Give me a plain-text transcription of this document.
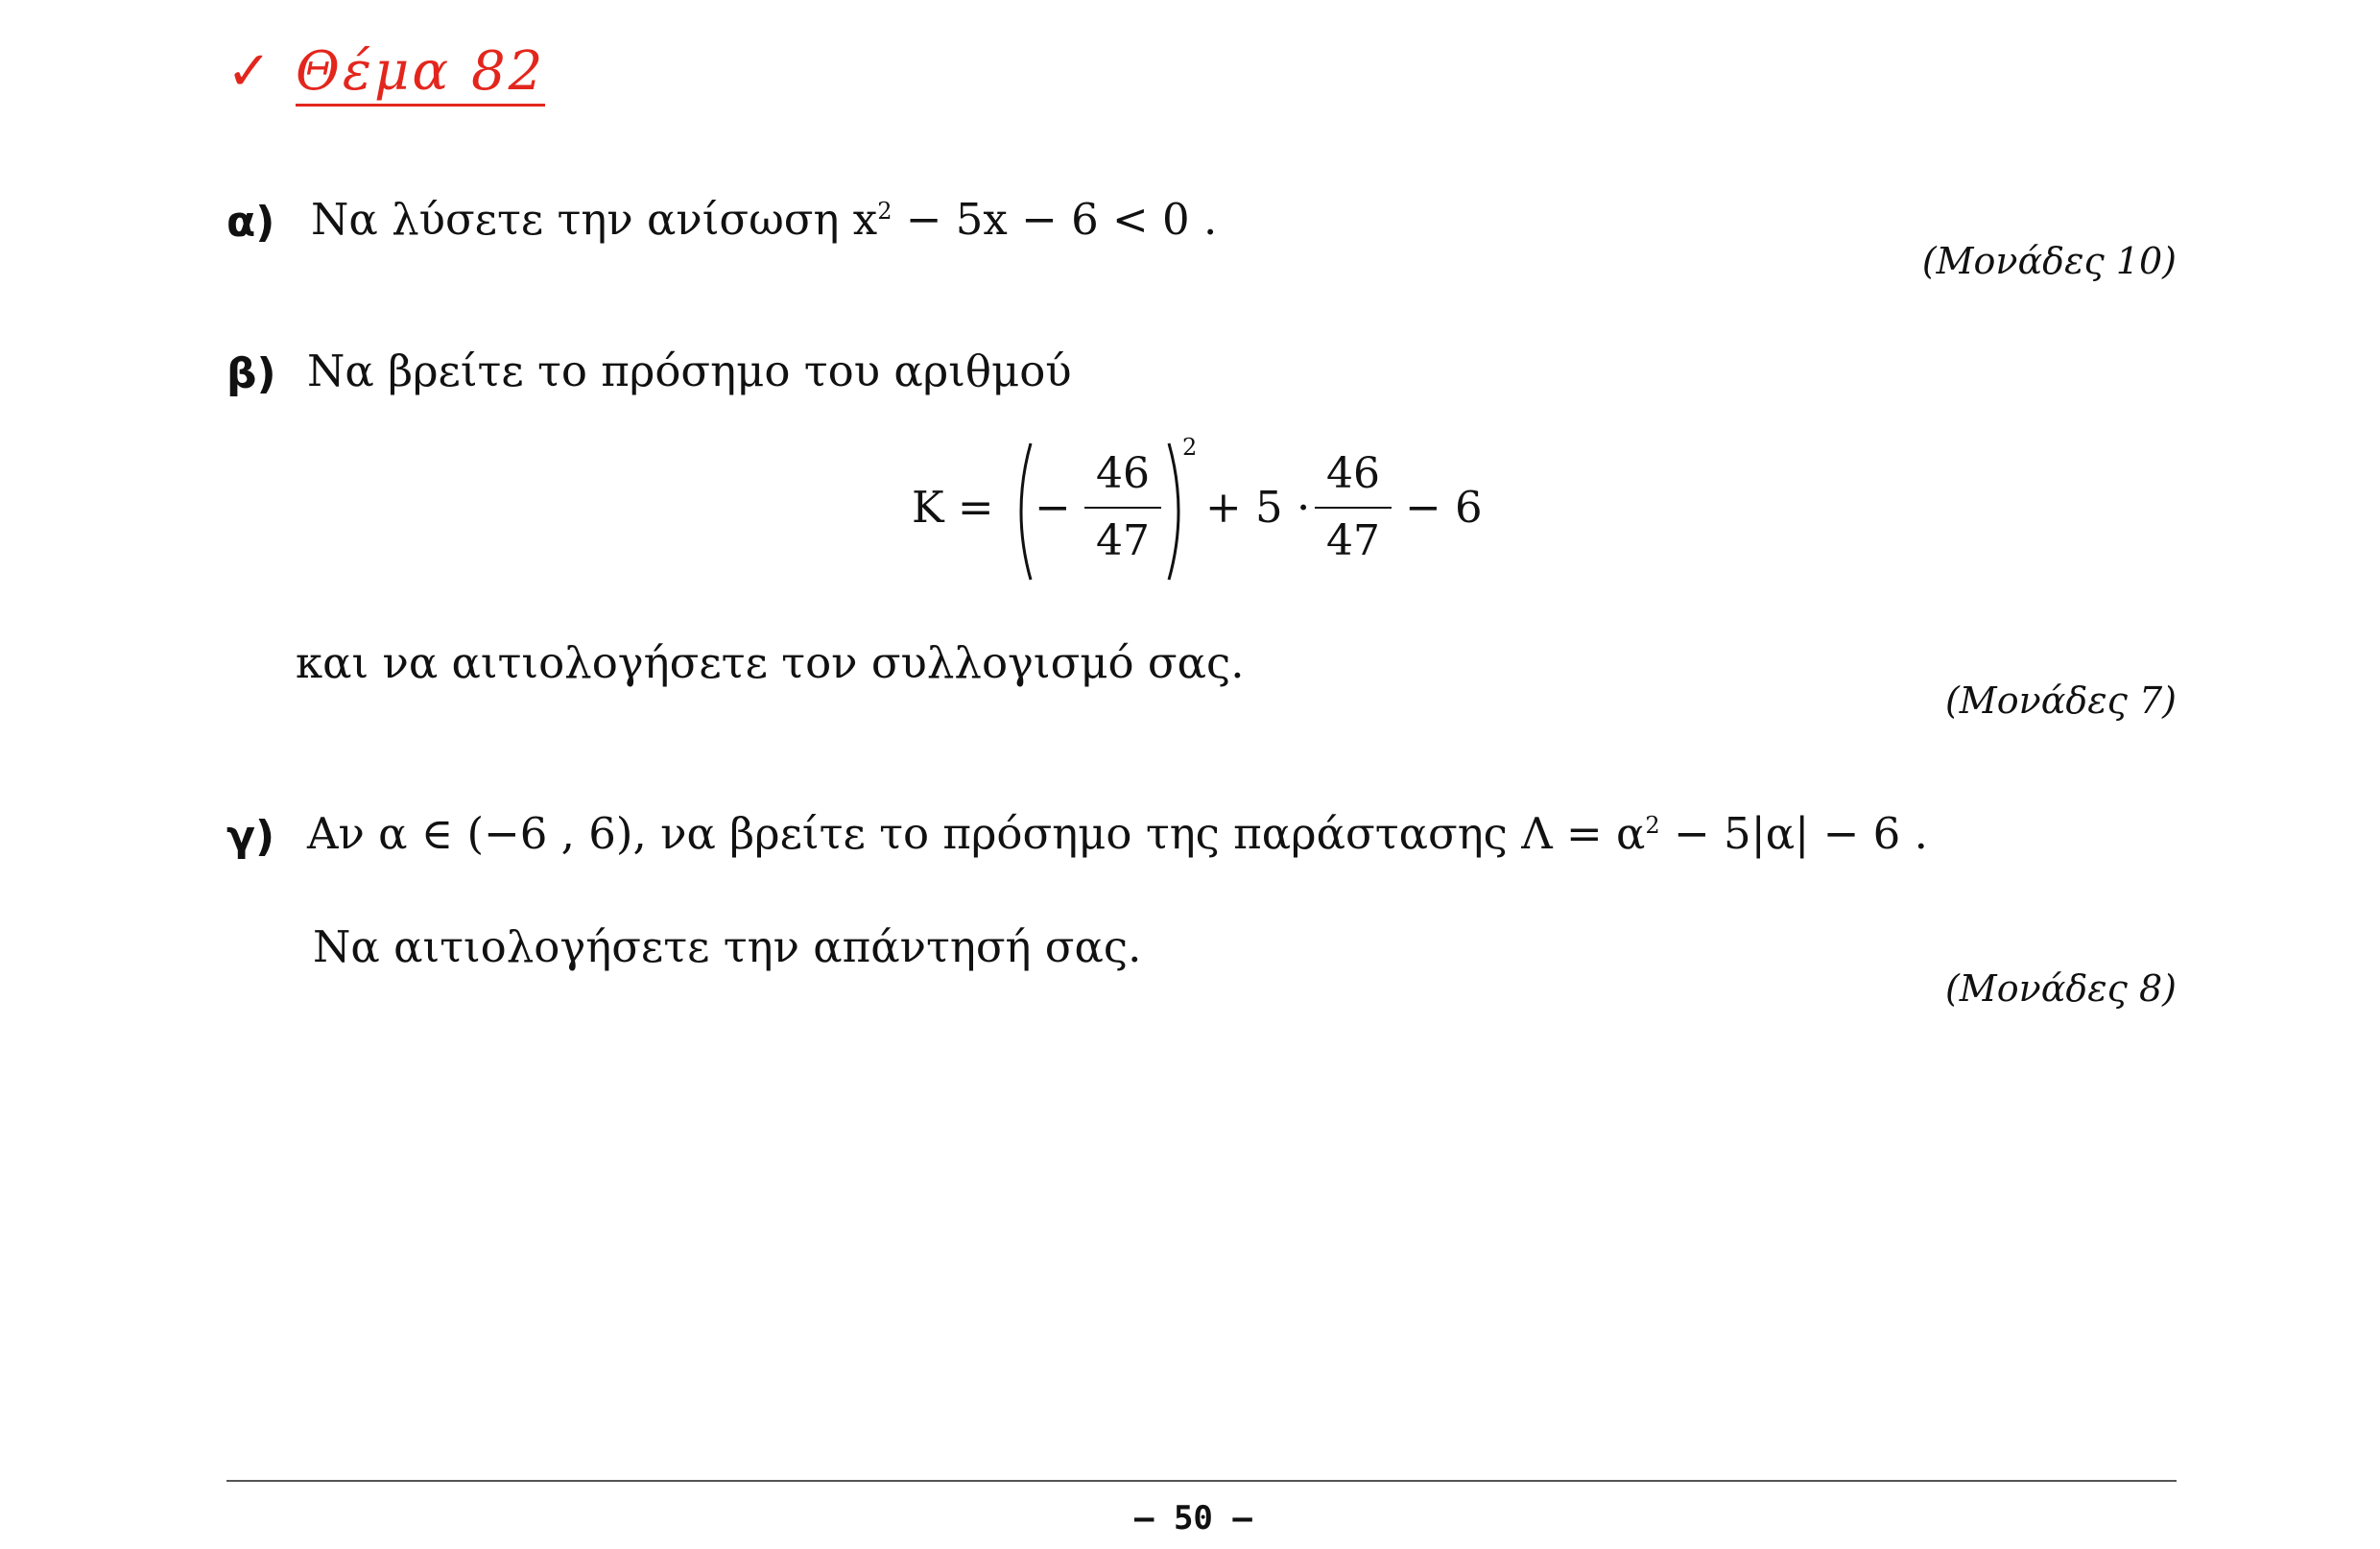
✓ Θέμα 82
α) Να λύσετε την ανίσωση $x^2 - 5x - 6 < 0$ .
(Μονάδες 10)
β) Να βρείτε το πρόσημο του αριθμού
K = −
46
47
2
+ 5 ·
46
47
− 6
και να αιτιολογήσετε τον συλλογισμό σας.
(Μονάδες 7)
γ) Αν α ∈ (−6 , 6), να βρείτε το πρόσημο της παράστασης $\Lambda = \alpha^2 - 5|\alpha| - 6$ .
Να αιτιολογήσετε την απάντησή σας.
(Μονάδες 8)
– 50 –
